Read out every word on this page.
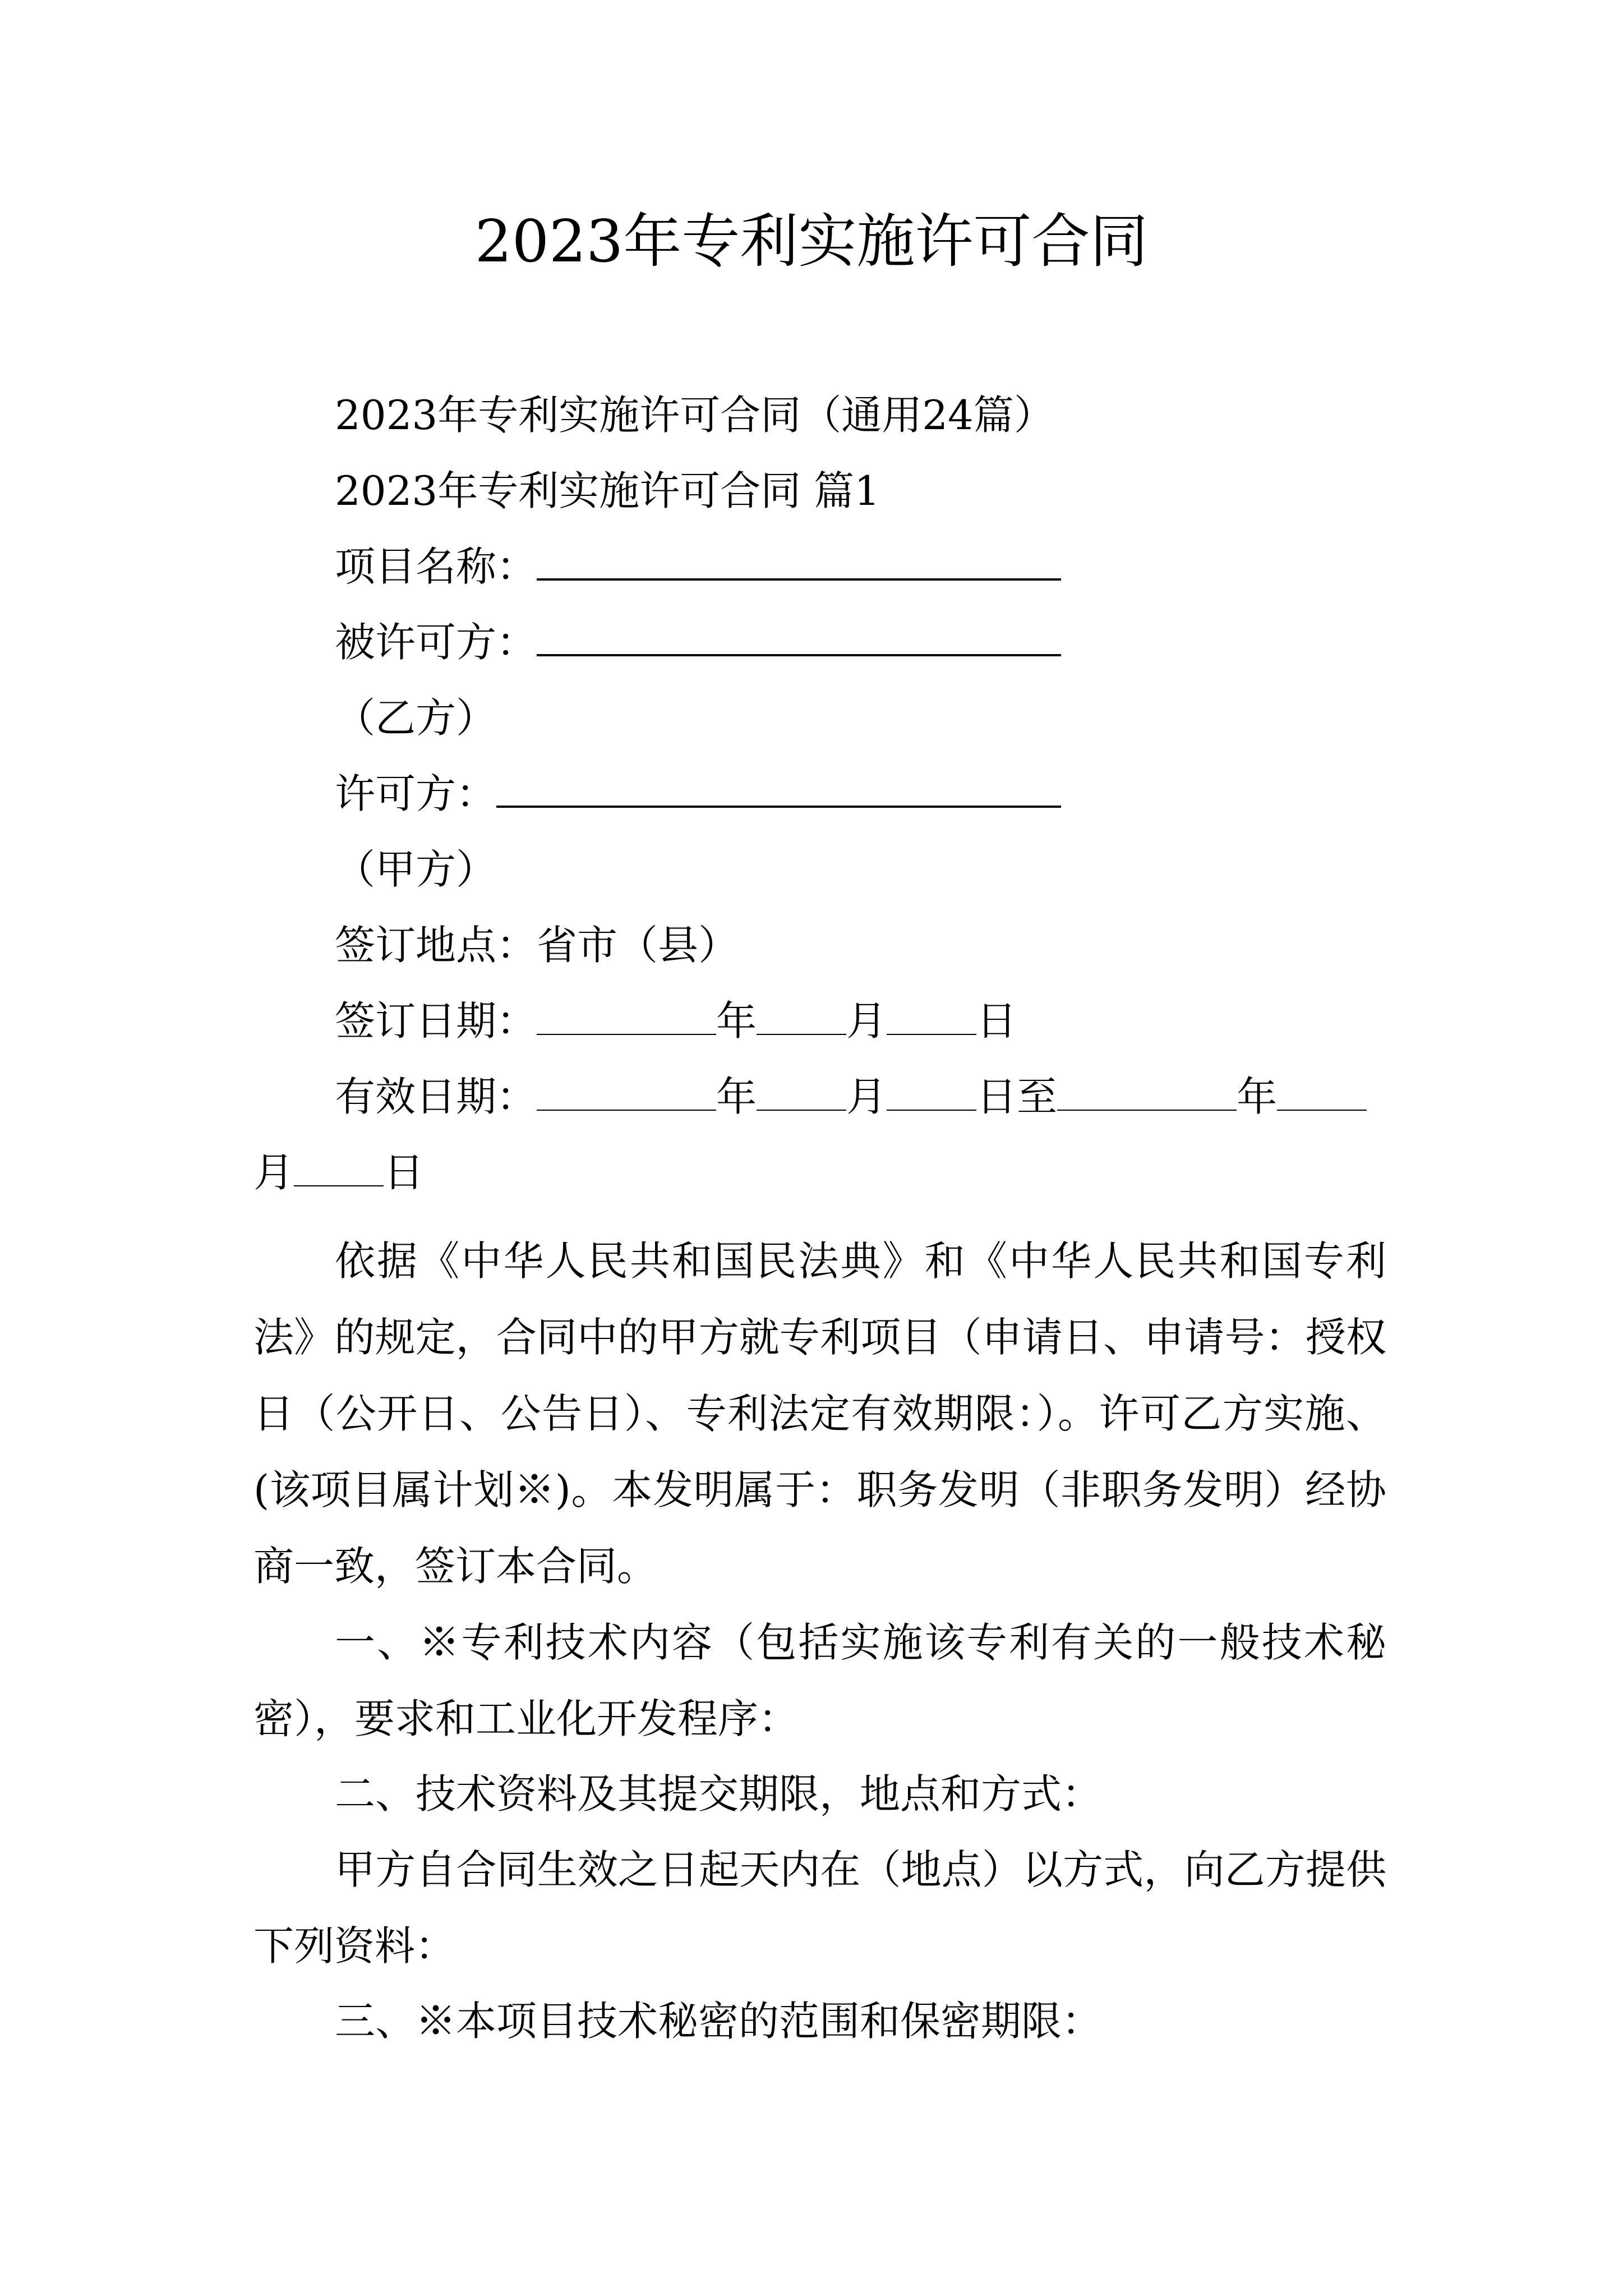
2023年专利实施许可合同
2023年专利实施许可合同（通用24篇）
2023年专利实施许可合同 篇1
项目名称：
被许可方：
（乙方）
许可方：
（甲方）
签订地点：省市（县）
签订日期：	年 月 日
有效日期：	年 月 日至	年
月 日
依据《中华人民共和国民法典》和《中华人民共和国专利法》的规定，合同中的甲方就专利项目（申请日、申请号：授权日（公开日、公告日）、专利法定有效期限：）。许可乙方实施、(该项目属计划※)。本发明属于：职务发明（非职务发明）经协商一致，签订本合同。
一、※专利技术内容（包括实施该专利有关的一般技术秘密），要求和工业化开发程序：
二、技术资料及其提交期限，地点和方式：
甲方自合同生效之日起天内在（地点）以方式，向乙方提供下列资料：
三、※本项目技术秘密的范围和保密期限：
